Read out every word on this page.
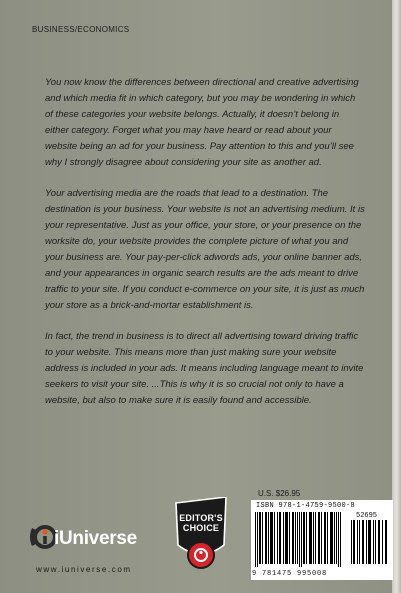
BUSINESS/ECONOMICS

You now know the differences between directional and creative advertising and which media fit in which category, but you may be wondering in which of these categories your website belongs. Actually, it doesn’t belong in either category. Forget what you may have heard or read about your website being an ad for your business. Pay attention to this and you’ll see why I strongly disagree about considering your site as another ad.

Your advertising media are the roads that lead to a destination. The destination is your business. Your website is not an advertising medium. It is your representative. Just as your office, your store, or your presence on the worksite do, your website provides the complete picture of what you and your business are. Your pay-per-click adwords ads, your online banner ads, and your appearances in organic search results are the ads meant to drive traffic to your site. If you conduct e-commerce on your site, it is just as much your store as a brick-and-mortar establishment is.

In fact, the trend in business is to direct all advertising toward driving traffic to your website. This means more than just making sure your website address is included in your ads. It means including language meant to invite seekers to visit your site. ...This is why it is so crucial not only to have a website, but also to make sure it is easily found and accessible.

iUniverse
www.iuniverse.com
EDITOR'S
CHOICE
U.S. $26.95
ISBN 978-1-4759-9500-8
52695
9 781475 995008
